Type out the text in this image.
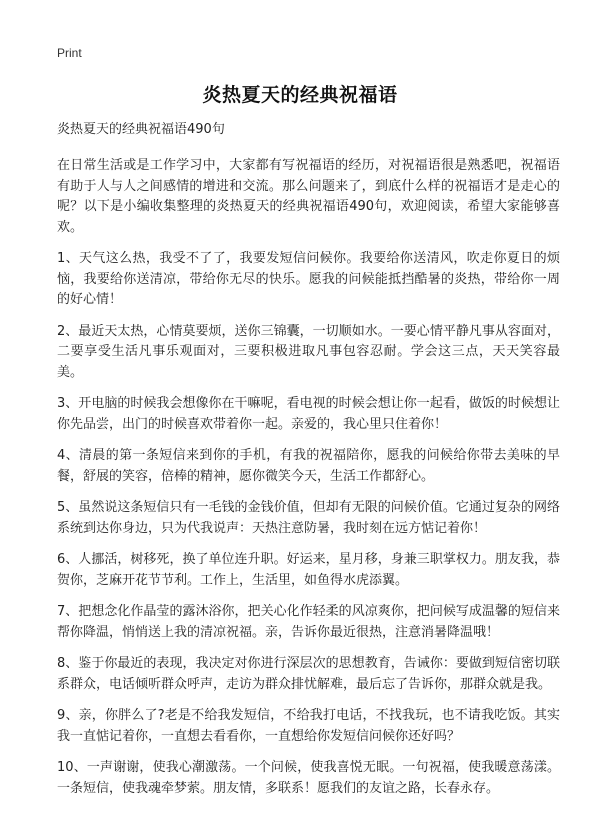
Print
炎热夏天的经典祝福语

炎热夏天的经典祝福语490句

在日常生活或是工作学习中，大家都有写祝福语的经历，对祝福语很是熟悉吧，祝福语有助于人与人之间感情的增进和交流。那么问题来了，到底什么样的祝福语才是走心的呢？以下是小编收集整理的炎热夏天的经典祝福语490句，欢迎阅读，希望大家能够喜欢。

1、天气这么热，我受不了了，我要发短信问候你。我要给你送清风，吹走你夏日的烦恼，我要给你送清凉，带给你无尽的快乐。愿我的问候能抵挡酷暑的炎热，带给你一周的好心情！

2、最近天太热，心情莫要烦，送你三锦囊，一切顺如水。一要心情平静凡事从容面对，二要享受生活凡事乐观面对，三要积极进取凡事包容忍耐。学会这三点，天天笑容最美。

3、开电脑的时候我会想像你在干嘛呢，看电视的时候会想让你一起看，做饭的时候想让你先品尝，出门的时候喜欢带着你一起。亲爱的，我心里只住着你！

4、清晨的第一条短信来到你的手机，有我的祝福陪你，愿我的问候给你带去美味的早餐，舒展的笑容，倍棒的精神，愿你微笑今天，生活工作都舒心。

5、虽然说这条短信只有一毛钱的金钱价值，但却有无限的问候价值。它通过复杂的网络系统到达你身边，只为代我说声：天热注意防暑，我时刻在远方惦记着你！

6、人挪活，树移死，换了单位连升职。好运来，星月移，身兼三职掌权力。朋友我，恭贺你，芝麻开花节节利。工作上，生活里，如鱼得水虎添翼。

7、把想念化作晶莹的露沐浴你，把关心化作轻柔的风凉爽你，把问候写成温馨的短信来帮你降温，悄悄送上我的清凉祝福。亲，告诉你最近很热，注意消暑降温哦！

8、鉴于你最近的表现，我决定对你进行深层次的思想教育，告诫你：要做到短信密切联系群众，电话倾听群众呼声，走访为群众排忧解难，最后忘了告诉你，那群众就是我。

9、亲，你胖么了?老是不给我发短信，不给我打电话，不找我玩，也不请我吃饭。其实我一直惦记着你，一直想去看看你，一直想给你发短信问候你还好吗？

10、一声谢谢，使我心潮激荡。一个问候，使我喜悦无眠。一句祝福，使我暖意荡漾。一条短信，使我魂牵梦萦。朋友情，多联系！愿我们的友谊之路，长春永存。
